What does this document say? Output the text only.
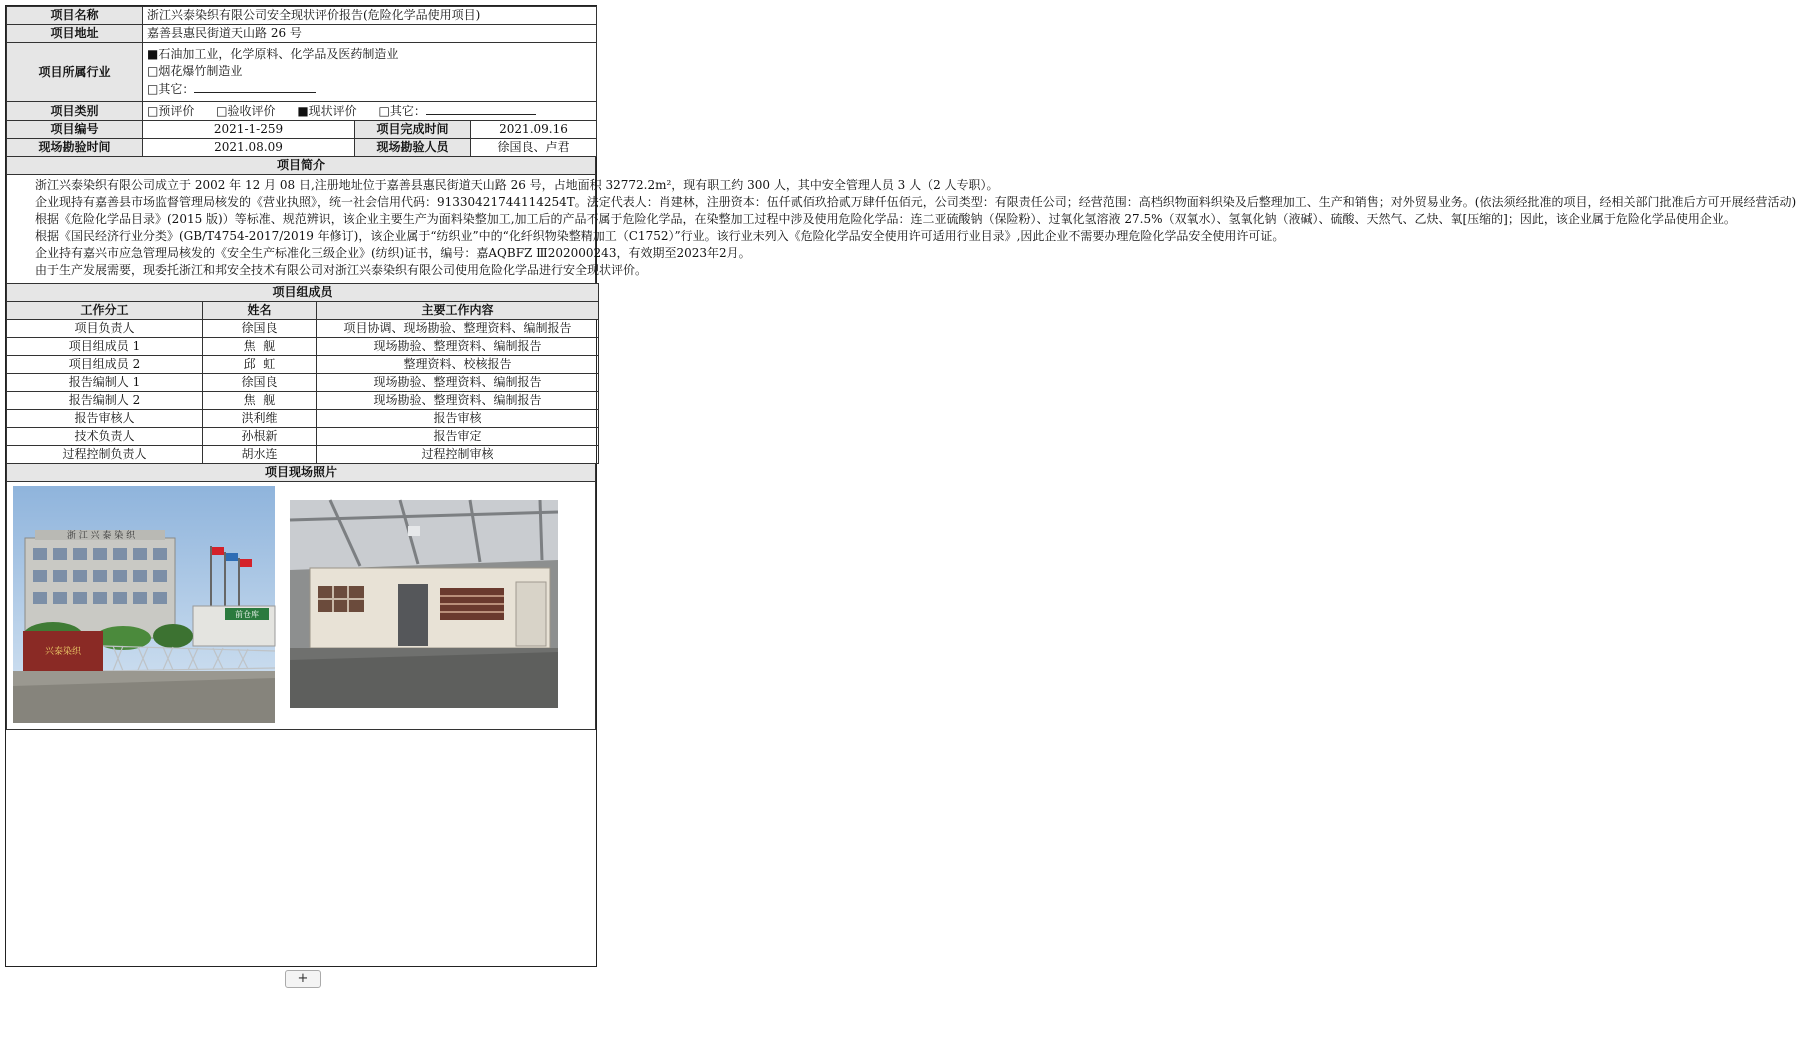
项目名称	浙江兴泰染织有限公司安全现状评价报告(危险化学品使用项目)		
项目地址	嘉善县惠民街道天山路 26 号		
项目所属行业	■石油加工业，化学原料、化学品及医药制造业
□烟花爆竹制造业
□其它：		

项目类别	□预评价   □验收评价   ■现状评价   □其它：		
项目编号	2021-1-259	项目完成时间	2021.09.16
现场勘验时间	2021.08.09	现场勘验人员	徐国良、卢君
项目简介

浙江兴泰染织有限公司成立于 2002 年 12 月 08 日,注册地址位于嘉善县惠民街道天山路 26 号，占地面积 32772.2m²，现有职工约 300 人，其中安全管理人员 3 人（2 人专职）。

企业现持有嘉善县市场监督管理局核发的《营业执照》，统一社会信用代码：91330421744114254T。法定代表人：肖建林，注册资本：伍仟贰佰玖拾贰万肆仟伍佰元，公司类型：有限责任公司；经营范围：高档织物面料织染及后整理加工、生产和销售；对外贸易业务。(依法须经批准的项目，经相关部门批准后方可开展经营活动)

根据《危险化学品目录》(2015 版)）等标准、规范辨识，该企业主要生产为面料染整加工,加工后的产品不属于危险化学品，在染整加工过程中涉及使用危险化学品：连二亚硫酸钠（保险粉）、过氧化氢溶液 27.5%（双氧水）、氢氧化钠（液碱）、硫酸、天然气、乙炔、氧[压缩的]；因此，该企业属于危险化学品使用企业。

根据《国民经济行业分类》(GB/T4754-2017/2019 年修订)，该企业属于“纺织业”中的“化纤织物染整精加工（C1752）”行业。该行业未列入《危险化学品安全使用许可适用行业目录》,因此企业不需要办理危险化学品安全使用许可证。

企业持有嘉兴市应急管理局核发的《安全生产标准化三级企业》(纺织)证书，编号：嘉AQBFZ Ⅲ202000243，有效期至2023年2月。

由于生产发展需要，现委托浙江和邦安全技术有限公司对浙江兴泰染织有限公司使用危险化学品进行安全现状评价。

项目组成员		
工作分工	姓名	主要工作内容
项目负责人	徐国良	项目协调、现场勘验、整理资料、编制报告
项目组成员 1	焦  舰	现场勘验、整理资料、编制报告
项目组成员 2	邱  虹	整理资料、校核报告
报告编制人 1	徐国良	现场勘验、整理资料、编制报告
报告编制人 2	焦  舰	现场勘验、整理资料、编制报告
报告审核人	洪利维	报告审核
技术负责人	孙根新	报告审定
过程控制负责人	胡水连	过程控制审核
项目现场照片

浙 江 兴 泰 染 织
前仓库
兴泰染织
+
